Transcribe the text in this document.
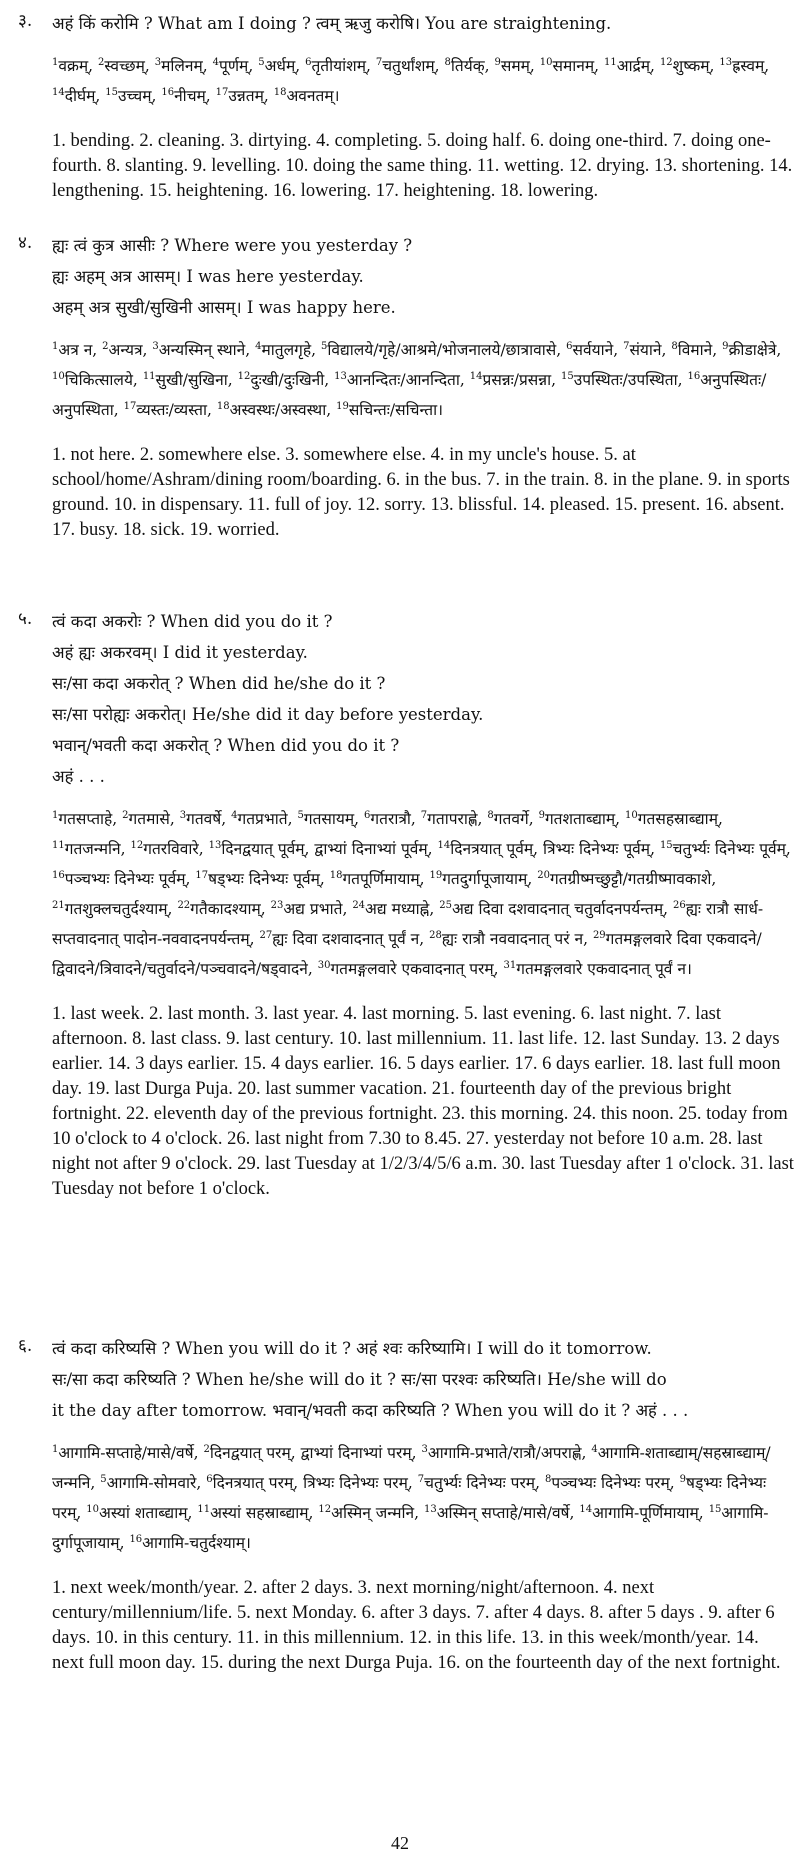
३. अहं किं करोमि ? What am I doing ? त्वम् ऋजु करोषि। You are straightening.
$^1$वक्रम्, $^2$स्वच्छम्, $^3$मलिनम्, $^4$पूर्णम्, $^5$अर्धम्, $^6$तृतीयांशम्, $^7$चतुर्थांशम्, $^8$तिर्यक्, $^9$समम्, $^{10}$समानम्, $^{11}$आर्द्रम्, $^{12}$शुष्कम्, $^{13}$ह्रस्वम्, $^{14}$दीर्घम्, $^{15}$उच्चम्, $^{16}$नीचम्, $^{17}$उन्नतम्, $^{18}$अवनतम्।
1. bending. 2. cleaning. 3. dirtying. 4. completing. 5. doing half. 6. doing one-third. 7. doing one-fourth. 8. slanting. 9. levelling. 10. doing the same thing. 11. wetting. 12. drying. 13. shortening. 14. lengthening. 15. heightening. 16. lowering. 17. heightening. 18. lowering.
४. ह्यः त्वं कुत्र आसीः ? Where were you yesterday ?
ह्यः अहम् अत्र आसम्। I was here yesterday.
अहम् अत्र सुखी/सुखिनी आसम्। I was happy here.
$^1$अत्र न, $^2$अन्यत्र, $^3$अन्यस्मिन् स्थाने, $^4$मातुलगृहे, $^5$विद्यालये/गृहे/आश्रमे/भोजनालये/छात्रावासे, $^6$सर्वयाने, $^7$संयाने, $^8$विमाने, $^9$क्रीडाक्षेत्रे, $^{10}$चिकित्सालये, $^{11}$सुखी/सुखिना, $^{12}$दुःखी/दुःखिनी, $^{13}$आनन्दितः/आनन्दिता, $^{14}$प्रसन्नः/प्रसन्ना, $^{15}$उपस्थितः/उपस्थिता, $^{16}$अनुपस्थितः/अनुपस्थिता, $^{17}$व्यस्तः/व्यस्ता, $^{18}$अस्वस्थः/अस्वस्था, $^{19}$सचिन्तः/सचिन्ता।
1. not here. 2. somewhere else. 3. somewhere else. 4. in my uncle's house. 5. at school/home/Ashram/dining room/boarding. 6. in the bus. 7. in the train. 8. in the plane. 9. in sports ground. 10. in dispensary. 11. full of joy. 12. sorry. 13. blissful. 14. pleased. 15. present. 16. absent. 17. busy. 18. sick. 19. worried.
५. त्वं कदा अकरोः ? When did you do it ?
अहं ह्यः अकरवम्। I did it yesterday.
सः/सा कदा अकरोत् ? When did he/she do it ?
सः/सा परोह्यः अकरोत्। He/she did it day before yesterday.
भवान्/भवती कदा अकरोत् ? When did you do it ?
अहं . . .
$^1$गतसप्ताहे, $^2$गतमासे, $^3$गतवर्षे, $^4$गतप्रभाते, $^5$गतसायम्, $^6$गतरात्रौ, $^7$गतापराह्णे, $^8$गतवर्गे, $^9$गतशताब्द्याम्, $^{10}$गतसहस्राब्द्याम्, $^{11}$गतजन्मनि, $^{12}$गतरविवारे, $^{13}$दिनद्वयात् पूर्वम्, द्वाभ्यां दिनाभ्यां पूर्वम्, $^{14}$दिनत्रयात् पूर्वम्, त्रिभ्यः दिनेभ्यः पूर्वम्, $^{15}$चतुर्भ्यः दिनेभ्यः पूर्वम्, $^{16}$पञ्चभ्यः दिनेभ्यः पूर्वम्, $^{17}$षड्भ्यः दिनेभ्यः पूर्वम्, $^{18}$गतपूर्णिमायाम्, $^{19}$गतदुर्गापूजायाम्, $^{20}$गतग्रीष्मच्छुट्टौ/गतग्रीष्मावकाशे, $^{21}$गतशुक्लचतुर्दश्याम्, $^{22}$गतैकादश्याम्, $^{23}$अद्य प्रभाते, $^{24}$अद्य मध्याह्ने, $^{25}$अद्य दिवा दशवादनात् चतुर्वादनपर्यन्तम्, $^{26}$ह्यः रात्रौ सार्ध-सप्तवादनात् पादोन-नववादनपर्यन्तम्, $^{27}$ह्यः दिवा दशवादनात् पूर्वं न, $^{28}$ह्यः रात्रौ नववादनात् परं न, $^{29}$गतमङ्गलवारे दिवा एकवादने/द्विवादने/त्रिवादने/चतुर्वादने/पञ्चवादने/षड्वादने, $^{30}$गतमङ्गलवारे एकवादनात् परम्, $^{31}$गतमङ्गलवारे एकवादनात् पूर्वं न।
1. last week. 2. last month. 3. last year. 4. last morning. 5. last evening. 6. last night. 7. last afternoon. 8. last class. 9. last century. 10. last millennium. 11. last life. 12. last Sunday. 13. 2 days earlier. 14. 3 days earlier. 15. 4 days earlier. 16. 5 days earlier. 17. 6 days earlier. 18. last full moon day. 19. last Durga Puja. 20. last summer vacation. 21. fourteenth day of the previous bright fortnight. 22. eleventh day of the previous fortnight. 23. this morning. 24. this noon. 25. today from 10 o'clock to 4 o'clock. 26. last night from 7.30 to 8.45. 27. yesterday not before 10 a.m. 28. last night not after 9 o'clock. 29. last Tuesday at 1/2/3/4/5/6 a.m. 30. last Tuesday after 1 o'clock. 31. last Tuesday not before 1 o'clock.
६. त्वं कदा करिष्यसि ? When you will do it ? अहं श्वः करिष्यामि। I will do it tomorrow.
सः/सा कदा करिष्यति ? When he/she will do it ? सः/सा परश्वः करिष्यति। He/she will do
it the day after tomorrow. भवान्/भवती कदा करिष्यति ? When you will do it ? अहं . . .
$^1$आगामि-सप्ताहे/मासे/वर्षे, $^2$दिनद्वयात् परम्, द्वाभ्यां दिनाभ्यां परम्, $^3$आगामि-प्रभाते/रात्रौ/अपराह्णे, $^4$आगामि-शताब्द्याम्/सहस्राब्द्याम्/जन्मनि, $^5$आगामि-सोमवारे, $^6$दिनत्रयात् परम्, त्रिभ्यः दिनेभ्यः परम्, $^7$चतुर्भ्यः दिनेभ्यः परम्, $^8$पञ्चभ्यः दिनेभ्यः परम्, $^9$षड्भ्यः दिनेभ्यः परम्, $^{10}$अस्यां शताब्द्याम्, $^{11}$अस्यां सहस्राब्द्याम्, $^{12}$अस्मिन् जन्मनि, $^{13}$अस्मिन् सप्ताहे/मासे/वर्षे, $^{14}$आगामि-पूर्णिमायाम्, $^{15}$आगामि-दुर्गापूजायाम्, $^{16}$आगामि-चतुर्दश्याम्।
1. next week/month/year. 2. after 2 days. 3. next morning/night/afternoon. 4. next century/millennium/life. 5. next Monday. 6. after 3 days. 7. after 4 days. 8. after 5 days . 9. after 6 days. 10. in this century. 11. in this millennium. 12. in this life. 13. in this week/month/year. 14. next full moon day. 15. during the next Durga Puja. 16. on the fourteenth day of the next fortnight.
42
